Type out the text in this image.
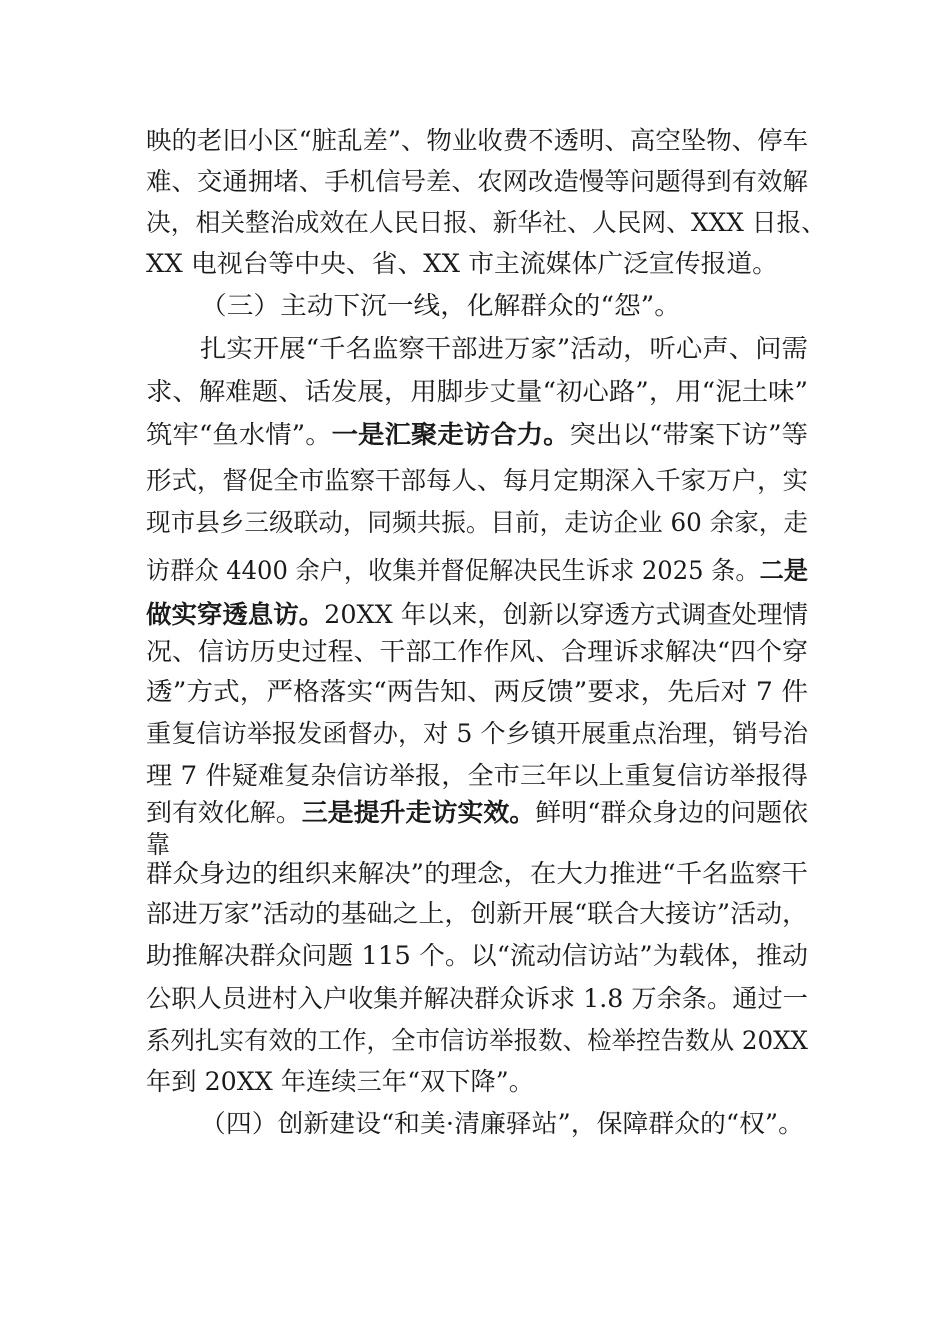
映的老旧小区“脏乱差”、物业收费不透明、高空坠物、停车
难、交通拥堵、手机信号差、农网改造慢等问题得到有效解
决，相关整治成效在人民日报、新华社、人民网、XXX 日报、
XX 电视台等中央、省、XX 市主流媒体广泛宣传报道。
（三）主动下沉一线，化解群众的“怨”。
扎实开展“千名监察干部进万家”活动，听心声、问需
求、解难题、话发展，用脚步丈量“初心路”，用“泥土味”
筑牢“鱼水情”。一是汇聚走访合力。突出以“带案下访”等
形式，督促全市监察干部每人、每月定期深入千家万户，实
现市县乡三级联动，同频共振。目前，走访企业 60 余家，走
访群众 4400 余户，收集并督促解决民生诉求 2025 条。二是
做实穿透息访。20XX 年以来，创新以穿透方式调查处理情
况、信访历史过程、干部工作作风、合理诉求解决“四个穿
透”方式，严格落实“两告知、两反馈”要求，先后对 7 件
重复信访举报发函督办，对 5 个乡镇开展重点治理，销号治
理 7 件疑难复杂信访举报，全市三年以上重复信访举报得
到有效化解。三是提升走访实效。鲜明“群众身边的问题依
靠
群众身边的组织来解决”的理念，在大力推进“千名监察干
部进万家”活动的基础之上，创新开展“联合大接访”活动，
助推解决群众问题 115 个。以“流动信访站”为载体，推动
公职人员进村入户收集并解决群众诉求 1.8 万余条。通过一
系列扎实有效的工作，全市信访举报数、检举控告数从 20XX
年到 20XX 年连续三年“双下降”。
（四）创新建设“和美·清廉驿站”，保障群众的“权”。
